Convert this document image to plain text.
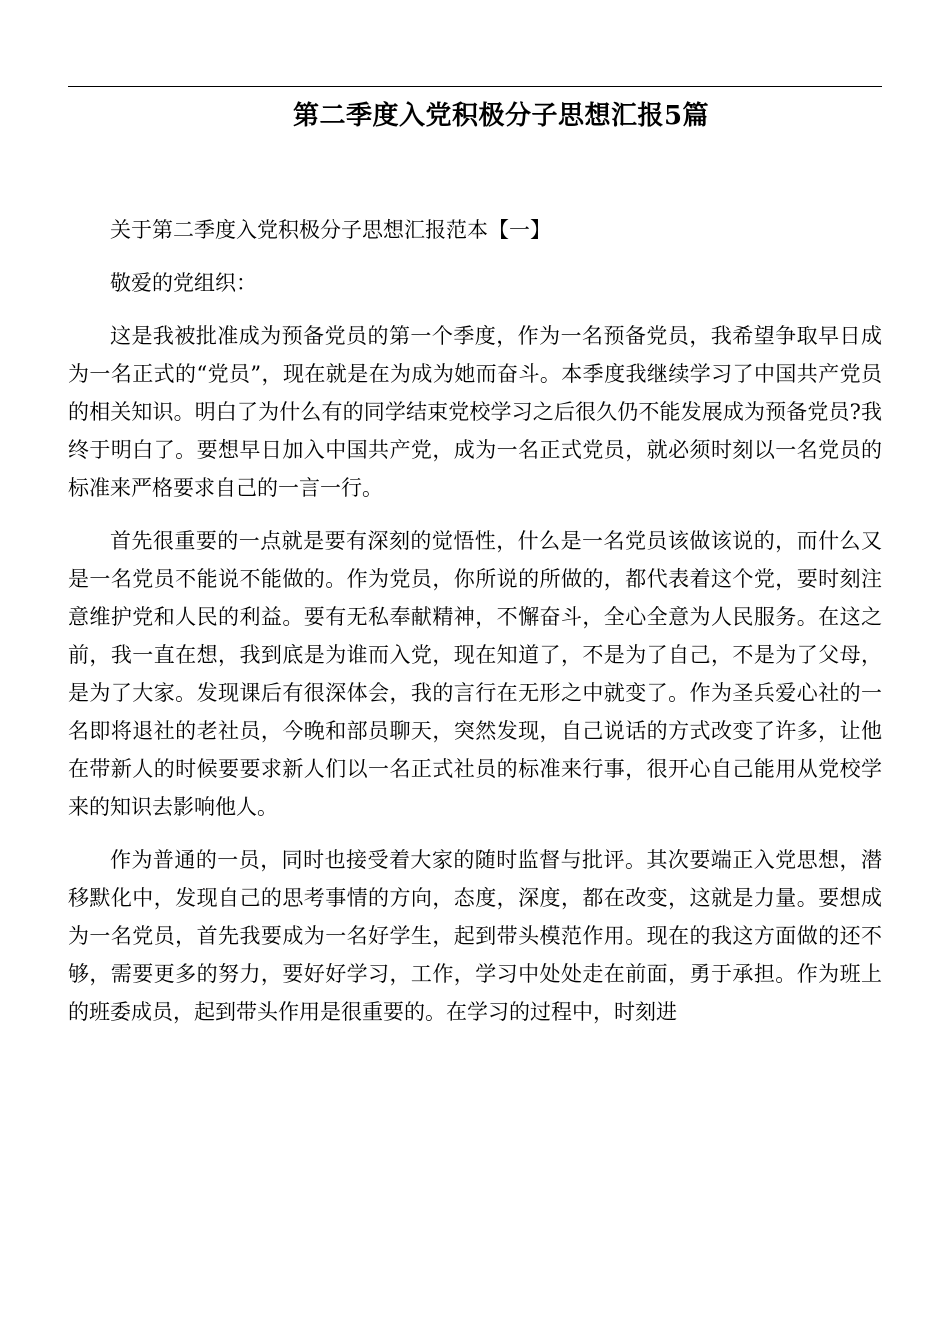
第二季度入党积极分子思想汇报5篇

关于第二季度入党积极分子思想汇报范本【一】

敬爱的党组织：

这是我被批准成为预备党员的第一个季度，作为一名预备党员，我希望争取早日成为一名正式的“党员”，现在就是在为成为她而奋斗。本季度我继续学习了中国共产党员的相关知识。明白了为什么有的同学结束党校学习之后很久仍不能发展成为预备党员?我终于明白了。要想早日加入中国共产党，成为一名正式党员，就必须时刻以一名党员的标准来严格要求自己的一言一行。

首先很重要的一点就是要有深刻的觉悟性，什么是一名党员该做该说的，而什么又是一名党员不能说不能做的。作为党员，你所说的所做的，都代表着这个党，要时刻注意维护党和人民的利益。要有无私奉献精神，不懈奋斗，全心全意为人民服务。在这之前，我一直在想，我到底是为谁而入党，现在知道了，不是为了自己，不是为了父母，是为了大家。发现课后有很深体会，我的言行在无形之中就变了。作为圣兵爱心社的一名即将退社的老社员，今晚和部员聊天，突然发现，自己说话的方式改变了许多，让他在带新人的时候要要求新人们以一名正式社员的标准来行事，很开心自己能用从党校学来的知识去影响他人。

作为普通的一员，同时也接受着大家的随时监督与批评。其次要端正入党思想，潜移默化中，发现自己的思考事情的方向，态度，深度，都在改变，这就是力量。要想成为一名党员，首先我要成为一名好学生，起到带头模范作用。现在的我这方面做的还不够，需要更多的努力，要好好学习，工作，学习中处处走在前面，勇于承担。作为班上的班委成员，起到带头作用是很重要的。在学习的过程中，时刻进
